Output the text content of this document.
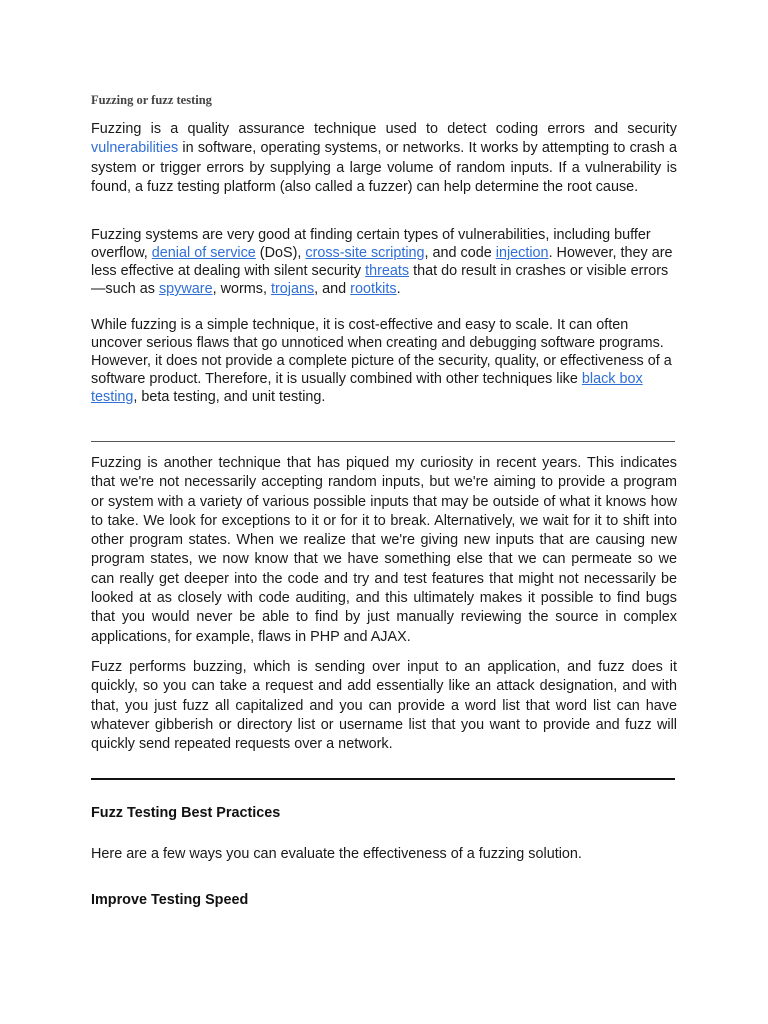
Fuzzing or fuzz testing

Fuzzing is a quality assurance technique used to detect coding errors and security vulnerabilities in software, operating systems, or networks. It works by attempting to crash a system or trigger errors by supplying a large volume of random inputs. If a vulnerability is found, a fuzz testing platform (also called a fuzzer) can help determine the root cause.

Fuzzing systems are very good at finding certain types of vulnerabilities, including buffer overflow, denial of service (DoS), cross-site scripting, and code injection. However, they are less effective at dealing with silent security threats that do result in crashes or visible errors—such as spyware, worms, trojans, and rootkits.

While fuzzing is a simple technique, it is cost-effective and easy to scale. It can often uncover serious flaws that go unnoticed when creating and debugging software programs. However, it does not provide a complete picture of the security, quality, or effectiveness of a software product. Therefore, it is usually combined with other techniques like black box testing, beta testing, and unit testing.

Fuzzing is another technique that has piqued my curiosity in recent years. This indicates that we're not necessarily accepting random inputs, but we're aiming to provide a program or system with a variety of various possible inputs that may be outside of what it knows how to take. We look for exceptions to it or for it to break. Alternatively, we wait for it to shift into other program states. When we realize that we're giving new inputs that are causing new program states, we now know that we have something else that we can permeate so we can really get deeper into the code and try and test features that might not necessarily be looked at as closely with code auditing, and this ultimately makes it possible to find bugs that you would never be able to find by just manually reviewing the source in complex applications, for example, flaws in PHP and AJAX.

Fuzz performs buzzing, which is sending over input to an application, and fuzz does it quickly, so you can take a request and add essentially like an attack designation, and with that, you just fuzz all capitalized and you can provide a word list that word list can have whatever gibberish or directory list or username list that you want to provide and fuzz will quickly send repeated requests over a network.

Fuzz Testing Best Practices

Here are a few ways you can evaluate the effectiveness of a fuzzing solution.

Improve Testing Speed
